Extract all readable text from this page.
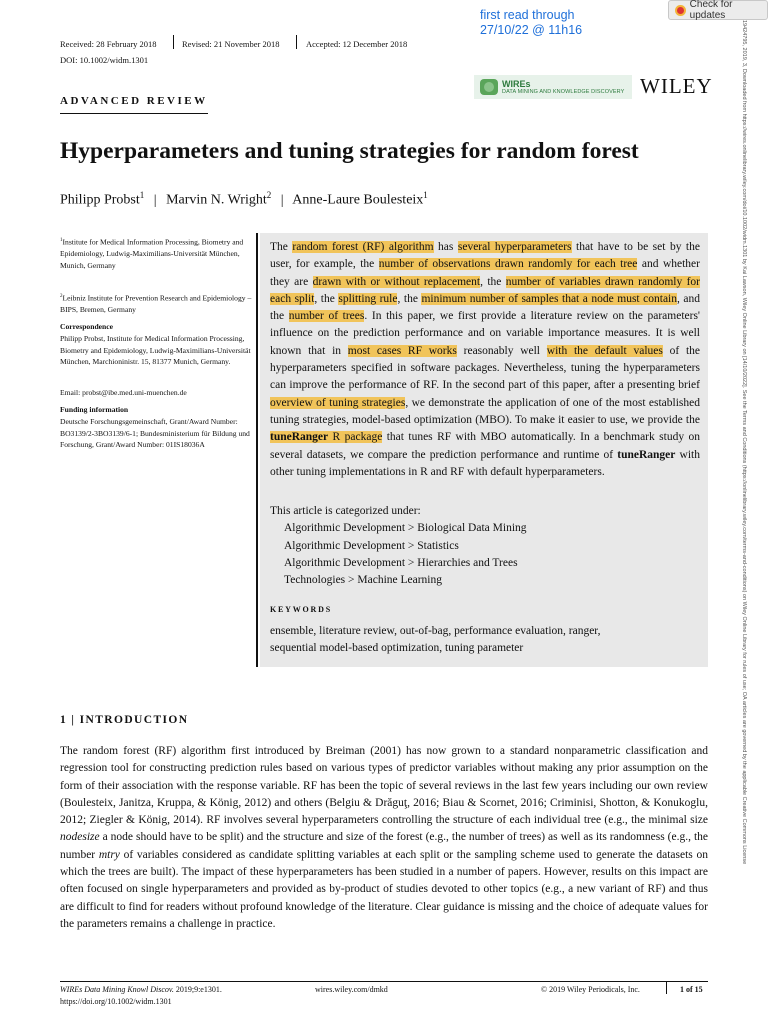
first read through
27/10/22 @ 11h16
Check for updates
Received: 28 February 2018	Revised: 21 November 2018	Accepted: 12 December 2018
DOI: 10.1002/widm.1301
WIREs
DATA MINING AND KNOWLEDGE DISCOVERY WILEY
ADVANCED REVIEW
Hyperparameters and tuning strategies for random forest
Philipp Probst$^1$ | Marvin N. Wright$^2$ | Anne-Laure Boulesteix$^1$
$^1$Institute for Medical Information Processing, Biometry and Epidemiology, Ludwig-Maximilians-Universität München, Munich, Germany
$^2$Leibniz Institute for Prevention Research and Epidemiology – BIPS, Bremen, Germany
Correspondence
Philipp Probst, Institute for Medical Information Processing, Biometry and Epidemiology, Ludwig-Maximilians-Universität München, Marchioninistr. 15, 81377 Munich, Germany.
Email: probst@ibe.med.uni-muenchen.de
Funding information
Deutsche Forschungsgemeinschaft, Grant/Award Number: BO3139/2-3BO3139/6-1; Bundesministerium für Bildung und Forschung, Grant/Award Number: 01IS18036A
The random forest (RF) algorithm has several hyperparameters that have to be set by the user, for example, the number of observations drawn randomly for each tree and whether they are drawn with or without replacement, the number of variables drawn randomly for each split, the splitting rule, the minimum number of samples that a node must contain, and the number of trees. In this paper, we first provide a literature review on the parameters' influence on the prediction performance and on variable importance measures. It is well known that in most cases RF works reasonably well with the default values of the hyperparameters specified in software packages. Nevertheless, tuning the hyperparameters can improve the performance of RF. In the second part of this paper, after a presenting brief overview of tuning strategies, we demonstrate the application of one of the most established tuning strategies, model-based optimization (MBO). To make it easier to use, we provide the tuneRanger R package that tunes RF with MBO automatically. In a benchmark study on several datasets, we compare the prediction performance and runtime of tuneRanger with other tuning implementations in R and RF with default hyperparameters.
This article is categorized under:
Algorithmic Development > Biological Data Mining
Algorithmic Development > Statistics
Algorithmic Development > Hierarchies and Trees
Technologies > Machine Learning
KEYWORDS
ensemble, literature review, out-of-bag, performance evaluation, ranger,
sequential model-based optimization, tuning parameter
1 | INTRODUCTION
The random forest (RF) algorithm first introduced by Breiman (2001) has now grown to a standard nonparametric classification and regression tool for constructing prediction rules based on various types of predictor variables without making any prior assumption on the form of their association with the response variable. RF has been the topic of several reviews in the last few years including our own review (Boulesteix, Janitza, Kruppa, & König, 2012) and others (Belgiu & Drăguţ, 2016; Biau & Scornet, 2016; Criminisi, Shotton, & Konukoglu, 2012; Ziegler & König, 2014). RF involves several hyperparameters controlling the structure of each individual tree (e.g., the minimal size nodesize a node should have to be split) and the structure and size of the forest (e.g., the number of trees) as well as its randomness (e.g., the number mtry of variables considered as candidate splitting variables at each split or the sampling scheme used to generate the datasets on which the trees are built). The impact of these hyperparameters has been studied in a number of papers. However, results on this impact are often focused on single hyperparameters and provided as by-product of studies devoted to other topics (e.g., a new variant of RF) and thus are difficult to find for readers without profound knowledge of the literature. Clear guidance is missing and the choice of adequate values for the parameters remains a challenge in practice.
WIREs Data Mining Knowl Discov. 2019;9:e1301.
https://doi.org/10.1002/widm.1301
wires.wiley.com/dmkd	© 2019 Wiley Periodicals, Inc.	1 of 15
19424795, 2019, 3, Downloaded from https://wires.onlinelibrary.wiley.com/doi/10.1002/widm.1301 by Kai Lawson, Wiley Online Library on [14/10/2022]. See the Terms and Conditions (https://onlinelibrary.wiley.com/terms-and-conditions) on Wiley Online Library for rules of use; OA articles are governed by the applicable Creative Commons License
